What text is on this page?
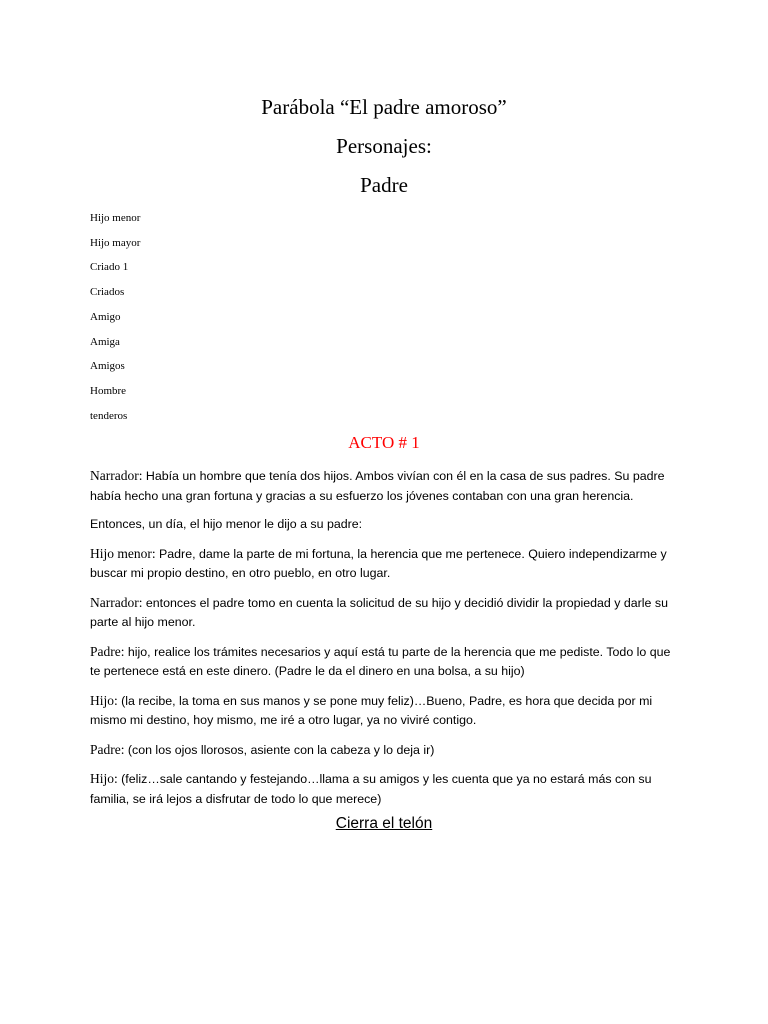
Parábola “El padre amoroso”
Personajes:
Padre
Hijo menor
Hijo mayor
Criado 1
Criados
Amigo
Amiga
Amigos
Hombre
tenderos
ACTO # 1

Narrador: Había un hombre que tenía dos hijos. Ambos vivían con él en la casa de sus padres. Su padre había hecho una gran fortuna y gracias a su esfuerzo los jóvenes contaban con una gran herencia.

Entonces, un día, el hijo menor le dijo a su padre:

Hijo menor: Padre, dame la parte de mi fortuna, la herencia que me pertenece. Quiero independizarme y buscar mi propio destino, en otro pueblo, en otro lugar.

Narrador: entonces el padre tomo en cuenta la solicitud de su hijo y decidió dividir la propiedad y darle su parte al hijo menor.

Padre: hijo, realice los trámites necesarios y aquí está tu parte de la herencia que me pediste. Todo lo que te pertenece está en este dinero. (Padre le da el dinero en una bolsa, a su hijo)

Hijo: (la recibe, la toma en sus manos y se pone muy feliz)…Bueno, Padre, es hora que decida por mi mismo mi destino, hoy mismo, me iré a otro lugar, ya no viviré contigo.

Padre: (con los ojos llorosos, asiente con la cabeza y lo deja ir)

Hijo: (feliz…sale cantando y festejando…llama a su amigos y les cuenta que ya no estará más con su familia, se irá lejos a disfrutar de todo lo que merece)

Cierra el telón
